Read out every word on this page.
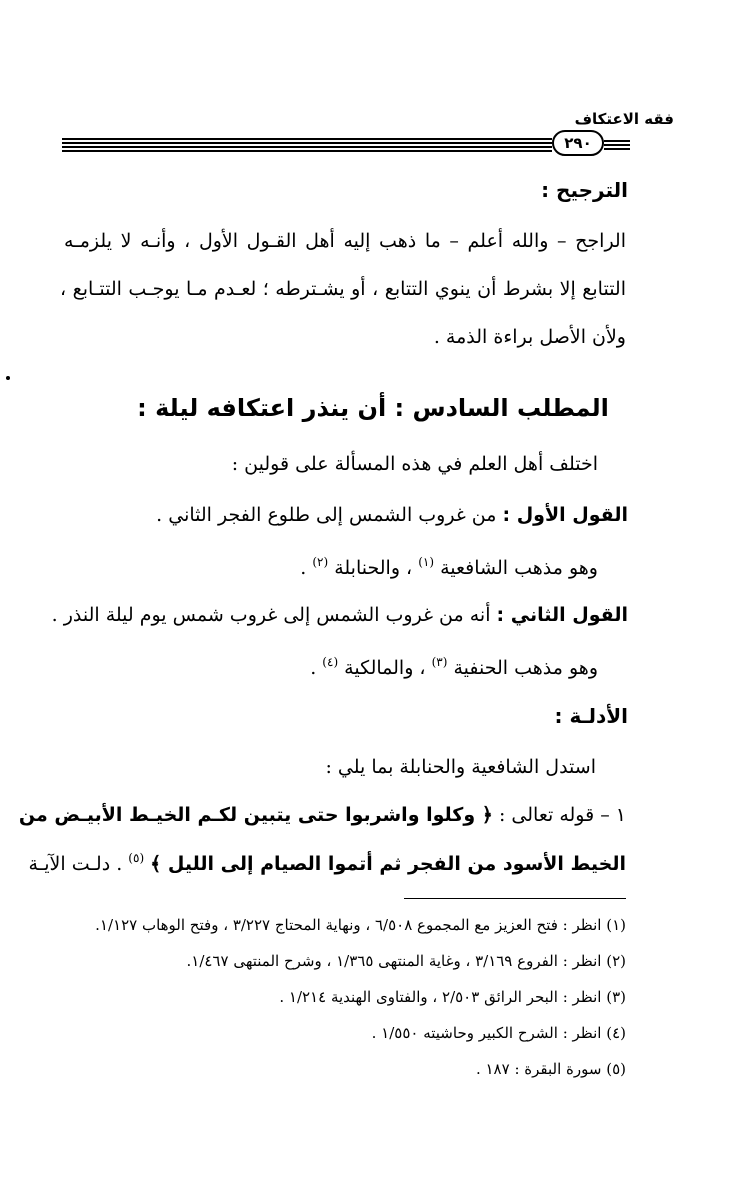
فقه الاعتكاف
٢٩٠
الترجيح :
الراجح – والله أعلم – ما ذهب إليه أهل القـول الأول ، وأنـه لا يلزمـه
التتابع إلا بشرط أن ينوي التتابع ، أو يشـترطه ؛ لعـدم مـا يوجـب التتـابع ،
ولأن الأصل براءة الذمة .
المطلب السادس : أن ينذر اعتكافه ليلة :
اختلف أهل العلم في هذه المسألة على قولين :
القول الأول : من غروب الشمس إلى طلوع الفجر الثاني .
وهو مذهب الشافعية $^{(١)}$ ، والحنابلة $^{(٢)}$ .
القول الثاني : أنه من غروب الشمس إلى غروب شمس يوم ليلة النذر .
وهو مذهب الحنفية $^{(٣)}$ ، والمالكية $^{(٤)}$ .
الأدلـة :
استدل الشافعية والحنابلة بما يلي :
١ – قوله تعالى : ﴿ وكلوا واشربوا حتى يتبين لكـم الخيـط الأبيـض من
الخيط الأسود من الفجر ثم أتموا الصيام إلى الليل ﴾ $^{(٥)}$ . دلـت الآيـة
(١) انظر : فتح العزيز مع المجموع ٦/٥٠٨ ، ونهاية المحتاج ٣/٢٢٧ ، وفتح الوهاب ١/١٢٧.
(٢) انظر : الفروع ٣/١٦٩ ، وغاية المنتهى ١/٣٦٥ ، وشرح المنتهى ١/٤٦٧.
(٣) انظر : البحر الرائق ٢/٥٠٣ ، والفتاوى الهندية ١/٢١٤ .
(٤) انظر : الشرح الكبير وحاشيته ١/٥٥٠ .
(٥) سورة البقرة : ١٨٧ .
